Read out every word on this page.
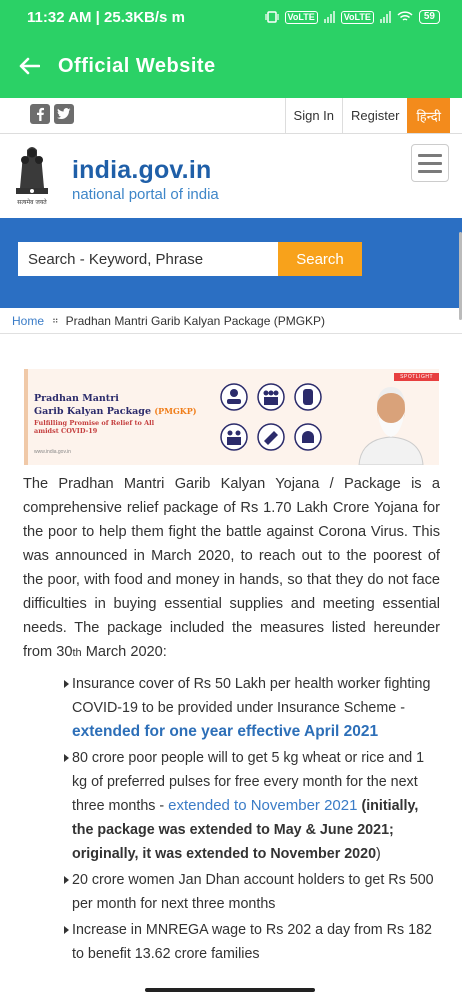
11:32 AM | 25.3KB/s m	VoLTE	VoLTE	59
Official Website
Sign In	Register	हिन्दी
सत्यमेव जयते
india.gov.in
national portal of india
Search - Keyword, Phrase
Search
Home ⠶ Pradhan Mantri Garib Kalyan Package (PMGKP)
Pradhan Mantri
Garib Kalyan Package (PMGKP)
Fulfilling Promise of Relief to All amidst COVID-19
www.india.gov.in
SPOTLIGHT

The Pradhan Mantri Garib Kalyan Yojana / Package is a comprehensive relief package of Rs 1.70 Lakh Crore Yojana for the poor to help them fight the battle against Corona Virus. This was announced in March 2020, to reach out to the poorest of the poor, with food and money in hands, so that they do not face difficulties in buying essential supplies and meeting essential needs. The package included the measures listed hereunder from 30th March 2020:

Insurance cover of Rs 50 Lakh per health worker fighting COVID-19 to be provided under Insurance Scheme - extended for one year effective April 2021
80 crore poor people will to get 5 kg wheat or rice and 1 kg of preferred pulses for free every month for the next three months - extended to November 2021 (initially, the package was extended to May & June 2021; originally, it was extended to November 2020)
20 crore women Jan Dhan account holders to get Rs 500 per month for next three months
Increase in MNREGA wage to Rs 202 a day from Rs 182 to benefit 13.62 crore families
